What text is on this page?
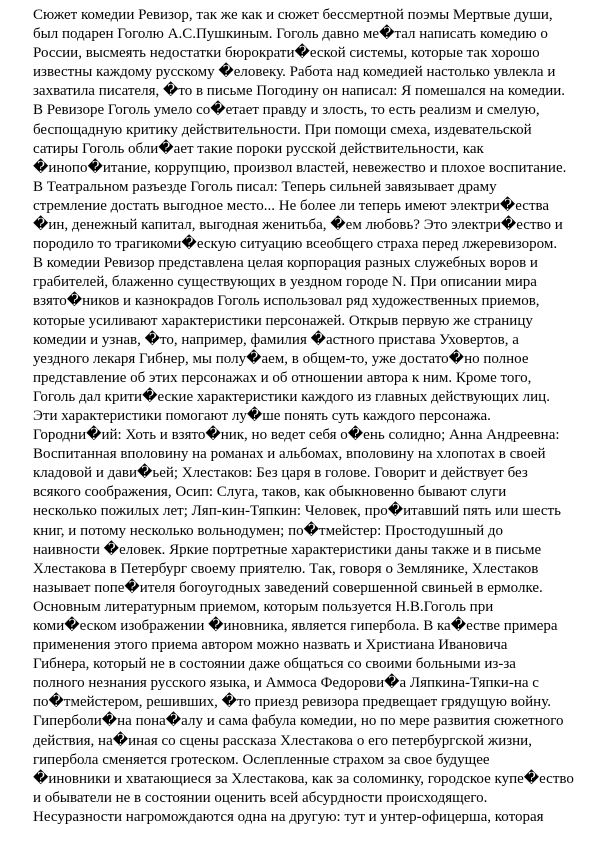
Сюжет комедии Ревизор, так же как и сюжет бессмертной поэмы Мертвые души,
был подарен Гоголю А.С.Пушкиным. Гоголь давно ме�тал написать комедию о
России, высмеять недостатки бюрократи�еской системы, которые так хорошо
известны каждому русскому �еловеку. Работа над комедией настолько увлекла и
захватила писателя, �то в письме Погодину он написал: Я помешался на комедии.
В Ревизоре Гоголь умело со�етает правду и злость, то есть реализм и смелую,
беспощадную критику действительности. При помощи смеха, издевательской
сатиры Гоголь обли�ает такие пороки русской действительности, как
�инопо�итание, коррупцию, произвол властей, невежество и плохое воспитание.
В Театральном разъезде Гоголь писал: Теперь сильней завязывает драму
стремление достать выгодное место... Не более ли теперь имеют электри�ества
�ин, денежный капитал, выгодная женитьба, �ем любовь? Это электри�ество и
породило то трагикоми�ескую ситуацию всеобщего страха перед лжеревизором.
В комедии Ревизор представлена целая корпорация разных служебных воров и
грабителей, блаженно существующих в уездном городе N. При описании мира
взято�ников и казнокрадов Гоголь использовал ряд художественных приемов,
которые усиливают характеристики персонажей. Открыв первую же страницу
комедии и узнав, �то, например, фамилия �астного пристава Уховертов, а
уездного лекаря Гибнер, мы полу�аем, в общем-то, уже достато�но полное
представление об этих персонажах и об отношении автора к ним. Кроме того,
Гоголь дал крити�еские характеристики каждого из главных действующих лиц.
Эти характеристики помогают лу�ше понять суть каждого персонажа.
Городни�ий: Хоть и взято�ник, но ведет себя о�ень солидно; Анна Андреевна:
Воспитанная вполовину на романах и альбомах, вполовину на хлопотах в своей
кладовой и дави�ьей; Хлестаков: Без царя в голове. Говорит и действует без
всякого соображения, Осип: Слуга, таков, как обыкновенно бывают слуги
несколько пожилых лет; Ляп-кин-Тяпкин: Человек, про�итавший пять или шесть
книг, и потому несколько вольнодумен; по�тмейстер: Простодушный до
наивности �еловек. Яркие портретные характеристики даны также и в письме
Хлестакова в Петербург своему приятелю. Так, говоря о Землянике, Хлестаков
называет попе�ителя богоугодных заведений совершенной свиньей в ермолке.
Основным литературным приемом, которым пользуется Н.В.Гоголь при
коми�еском изображении �иновника, является гипербола. В ка�естве примера
применения этого приема автором можно назвать и Христиана Ивановичa
Гибнера, который не в состоянии даже общаться со своими больными из-за
полного незнания русского языка, и Аммоса Федорови�а Ляпкина-Тяпки-на с
по�тмейстером, решивших, �то приезд ревизора предвещает грядущую войну.
Гиперболи�на пона�алу и сама фабула комедии, но по мере развития сюжетного
действия, на�иная со сцены рассказа Хлестакова о его петербургской жизни,
гипербола сменяется гротеском. Ослепленные страхом за свое будущее
�иновники и хватающиеся за Хлестакова, как за соломинку, городское купе�ество
и обыватели не в состоянии оценить всей абсурдности происходящего.
Несуразности нагромождаются одна на другую: тут и унтер-офицерша, которая
